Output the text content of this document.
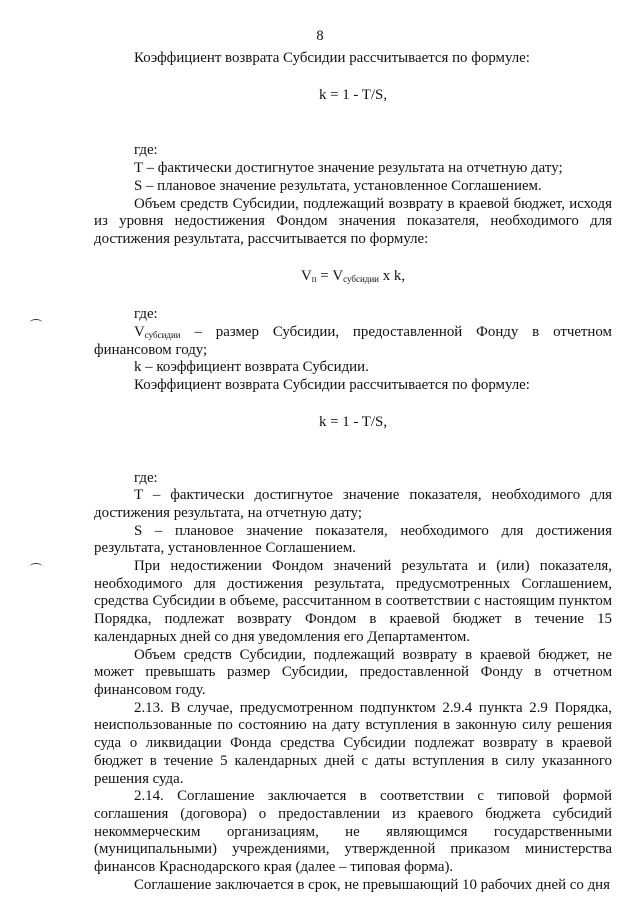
8

Коэффициент возврата Субсидии рассчитывается по формуле:

k = 1 - T/S,

где:

T – фактически достигнутое значение результата на отчетную дату;

S – плановое значение результата, установленное Соглашением.

Объем средств Субсидии, подлежащий возврату в краевой бюджет, исходя из уровня недостижения Фондом значения показателя, необходимого для достижения результата, рассчитывается по формуле:

$V_п = V_{субсидии}$ x k,

где:

$V_{субсидии}$ – размер Субсидии, предоставленной Фонду в отчетном финансовом году;

k – коэффициент возврата Субсидии.

Коэффициент возврата Субсидии рассчитывается по формуле:

k = 1 - T/S,

где:

T – фактически достигнутое значение показателя, необходимого для достижения результата, на отчетную дату;

S – плановое значение показателя, необходимого для достижения результата, установленное Соглашением.

При недостижении Фондом значений результата и (или) показателя, необходимого для достижения результата, предусмотренных Соглашением, средства Субсидии в объеме, рассчитанном в соответствии с настоящим пунктом Порядка, подлежат возврату Фондом в краевой бюджет в течение 15 календарных дней со дня уведомления его Департаментом.

Объем средств Субсидии, подлежащий возврату в краевой бюджет, не может превышать размер Субсидии, предоставленной Фонду в отчетном финансовом году.

2.13. В случае, предусмотренном подпунктом 2.9.4 пункта 2.9 Порядка, неиспользованные по состоянию на дату вступления в законную силу решения суда о ликвидации Фонда средства Субсидии подлежат возврату в краевой бюджет в течение 5 календарных дней с даты вступления в силу указанного решения суда.

2.14. Соглашение заключается в соответствии с типовой формой соглашения (договора) о предоставлении из краевого бюджета субсидий некоммерческим организациям, не являющимся государственными (муниципальными) учреждениями, утвержденной приказом министерства финансов Краснодарского края (далее – типовая форма).

Соглашение заключается в срок, не превышающий 10 рабочих дней со дня
